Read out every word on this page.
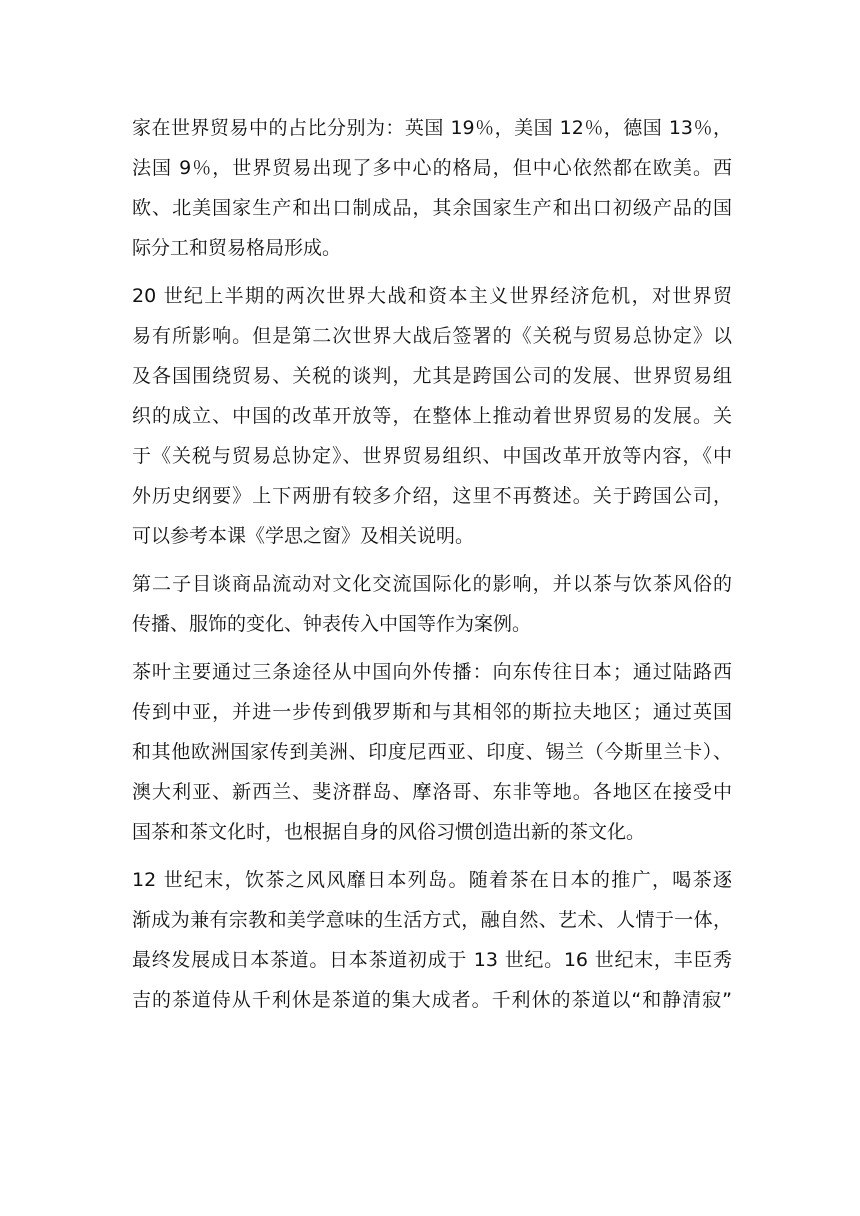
家在世界贸易中的占比分别为：英国 19％，美国 12％，德国 13％，
法国 9％，世界贸易出现了多中心的格局，但中心依然都在欧美。西
欧、北美国家生产和出口制成品，其余国家生产和出口初级产品的国
际分工和贸易格局形成。
20 世纪上半期的两次世界大战和资本主义世界经济危机，对世界贸
易有所影响。但是第二次世界大战后签署的《关税与贸易总协定》以
及各国围绕贸易、关税的谈判，尤其是跨国公司的发展、世界贸易组
织的成立、中国的改革开放等，在整体上推动着世界贸易的发展。关
于《关税与贸易总协定》、世界贸易组织、中国改革开放等内容，《中
外历史纲要》上下两册有较多介绍，这里不再赘述。关于跨国公司，
可以参考本课《学思之窗》及相关说明。
第二子目谈商品流动对文化交流国际化的影响，并以茶与饮茶风俗的
传播、服饰的变化、钟表传入中国等作为案例。
茶叶主要通过三条途径从中国向外传播：向东传往日本；通过陆路西
传到中亚，并进一步传到俄罗斯和与其相邻的斯拉夫地区；通过英国
和其他欧洲国家传到美洲、印度尼西亚、印度、锡兰（今斯里兰卡）、
澳大利亚、新西兰、斐济群岛、摩洛哥、东非等地。各地区在接受中
国茶和茶文化时，也根据自身的风俗习惯创造出新的茶文化。
12 世纪末，饮茶之风风靡日本列岛。随着茶在日本的推广，喝茶逐
渐成为兼有宗教和美学意味的生活方式，融自然、艺术、人情于一体，
最终发展成日本茶道。日本茶道初成于 13 世纪。16 世纪末，丰臣秀
吉的茶道侍从千利休是茶道的集大成者。千利休的茶道以“和静清寂”
